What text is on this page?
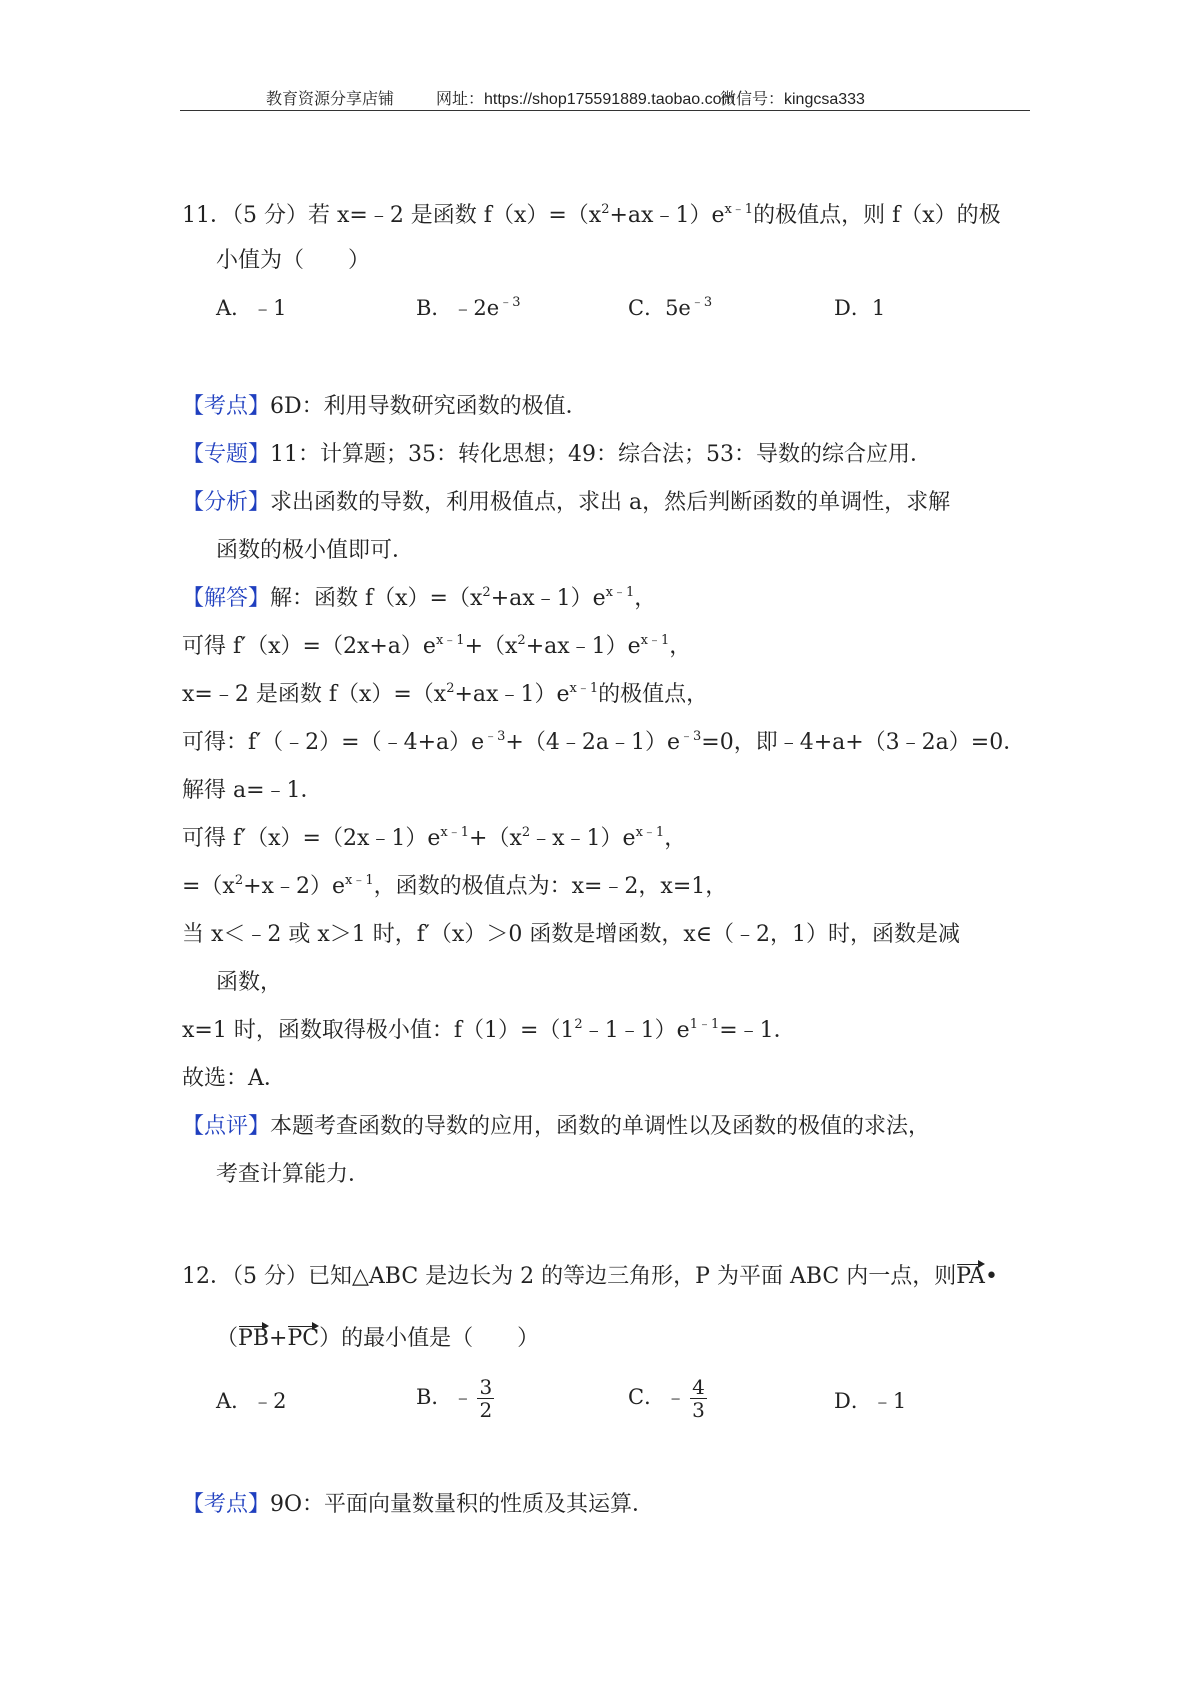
教育资源分享店铺	网址：https://shop175591889.taobao.com
微信号：kingcsa333
11．（5 分）若 x=﹣2 是函数 $f(x)=(x^2+ax﹣1)e^{x﹣1}$的极值点，则 f（x）的极
小值为（　　）
A．﹣1	B．$﹣2e^{﹣3}$	C．$5e^{﹣3}$	D．1
【考点】6D：利用导数研究函数的极值．
【专题】11：计算题；35：转化思想；49：综合法；53：导数的综合应用．
【分析】求出函数的导数，利用极值点，求出 a，然后判断函数的单调性，求解
函数的极小值即可．
【解答】解：函数 $f(x)=(x^2+ax﹣1)e^{x﹣1}$，
可得 $f'(x)=(2x+a)e^{x﹣1}+(x^2+ax﹣1)e^{x﹣1}$，
x=﹣2 是函数 $f(x)=(x^2+ax﹣1)e^{x﹣1}$的极值点，
可得：$f'(﹣2)=(﹣4+a)e^{﹣3}+(4﹣2a﹣1)e^{﹣3}=0$，即﹣4+a+（3﹣2a）=0．
解得 a=﹣1．
可得 $f'(x)=(2x﹣1)e^{x﹣1}+(x^2﹣x﹣1)e^{x﹣1}$，
$=(x^2+x﹣2)e^{x﹣1}$，函数的极值点为：x=﹣2，x=1，
当 x＜﹣2 或 x＞1 时，f′（x）＞0 函数是增函数，x∈（﹣2，1）时，函数是减
函数，
x=1 时，函数取得极小值：$f(1)=(1^2﹣1﹣1)e^{1﹣1}=﹣1$．
故选：A．
【点评】本题考查函数的导数的应用，函数的单调性以及函数的极值的求法，
考查计算能力．
12．（5 分）已知△ABC 是边长为 2 的等边三角形，P 为平面 ABC 内一点，则PA•
（PB+PC）的最小值是（　　）
A．﹣2	B．﹣ $\frac{3}{2}$	C．﹣ $\frac{4}{3}$	D．﹣1
【考点】9O：平面向量数量积的性质及其运算．
